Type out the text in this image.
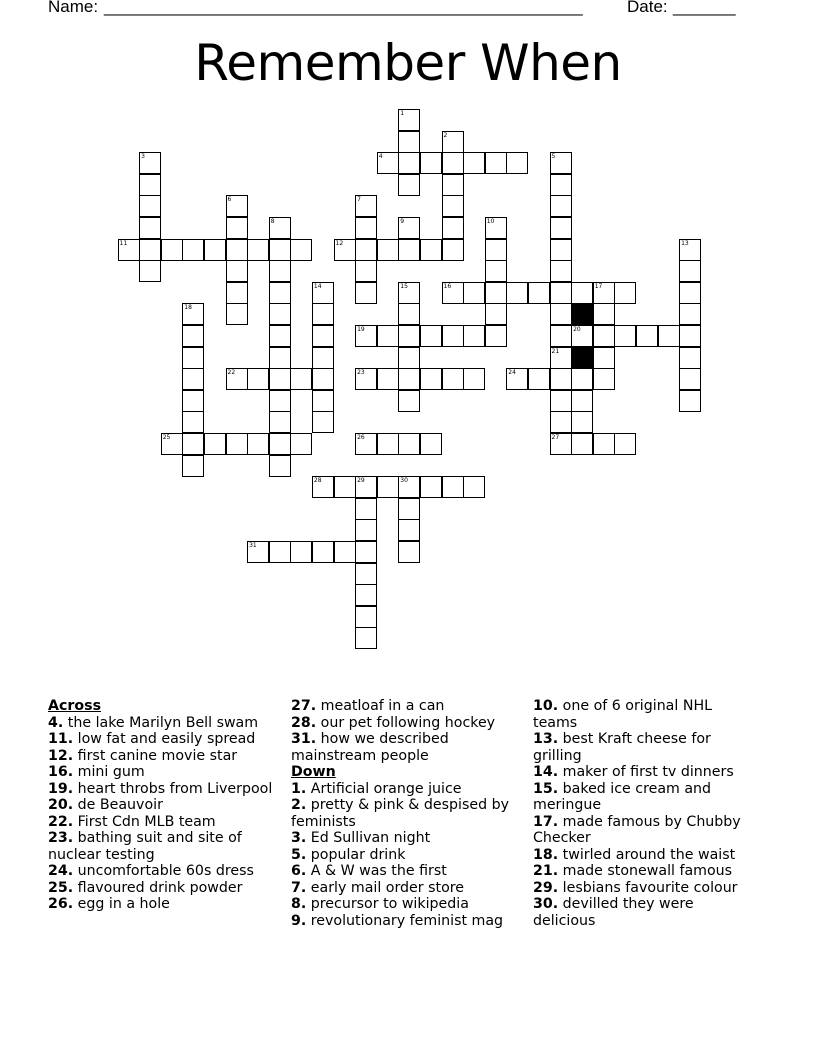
Name: ______________________________________________________	Date: _______
Remember When
1
2
4	5
3
6
8
11
7
9	10
12	13
14	15	16	17
18
19	20
21
22	23	24
25	26	27
28	29	30
31
Across
4. the lake Marilyn Bell swam
11. low fat and easily spread
12. first canine movie star
16. mini gum
19. heart throbs from Liverpool
20. de Beauvoir
22. First Cdn MLB team
23. bathing suit and site of nuclear testing
24. uncomfortable 60s dress
25. flavoured drink powder
26. egg in a hole
27. meatloaf in a can
28. our pet following hockey
31. how we described mainstream people
Down
1. Artificial orange juice
2. pretty & pink & despised by feminists
3. Ed Sullivan night
5. popular drink
6. A & W was the first
7. early mail order store
8. precursor to wikipedia
9. revolutionary feminist mag
10. one of 6 original NHL teams
13. best Kraft cheese for grilling
14. maker of first tv dinners
15. baked ice cream and meringue
17. made famous by Chubby Checker
18. twirled around the waist
21. made stonewall famous
29. lesbians favourite colour
30. devilled they were delicious
